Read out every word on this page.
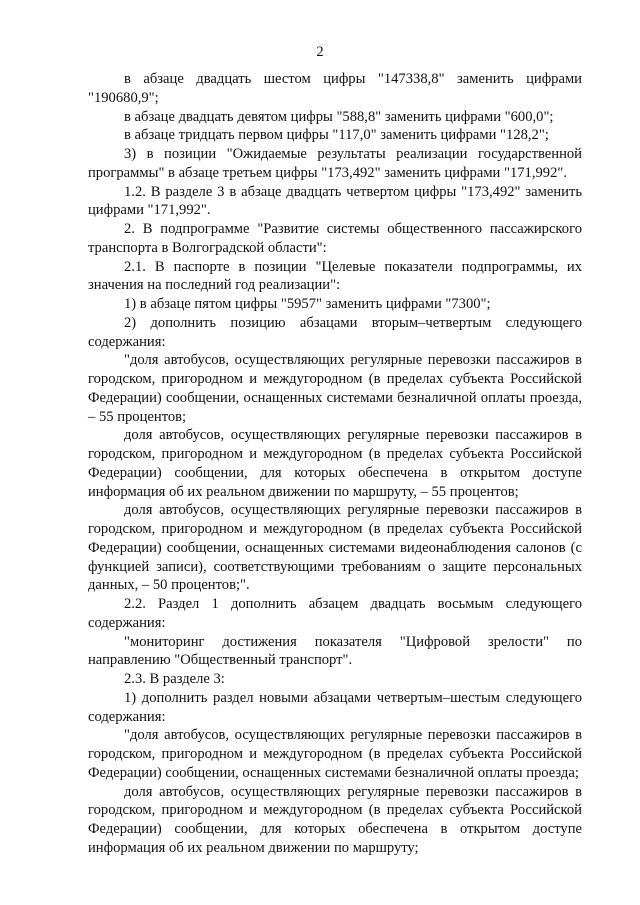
2

в абзаце двадцать шестом цифры "147338,8" заменить цифрами "190680,9";

в абзаце двадцать девятом цифры "588,8" заменить цифрами "600,0";

в абзаце тридцать первом цифры "117,0" заменить цифрами "128,2";

3) в позиции "Ожидаемые результаты реализации государственной программы" в абзаце третьем цифры "173,492" заменить цифрами "171,992".

1.2. В разделе 3 в абзаце двадцать четвертом цифры "173,492" заменить цифрами "171,992".

2. В подпрограмме "Развитие системы общественного пассажирского транспорта в Волгоградской области":

2.1. В паспорте в позиции "Целевые показатели подпрограммы, их значения на последний год реализации":

1) в абзаце пятом цифры "5957" заменить цифрами "7300";

2) дополнить позицию абзацами вторым–четвертым следующего содержания:

"доля автобусов, осуществляющих регулярные перевозки пассажиров в городском, пригородном и междугородном (в пределах субъекта Российской Федерации) сообщении, оснащенных системами безналичной оплаты проезда, – 55 процентов;

доля автобусов, осуществляющих регулярные перевозки пассажиров в городском, пригородном и междугородном (в пределах субъекта Российской Федерации) сообщении, для которых обеспечена в открытом доступе информация об их реальном движении по маршруту, – 55 процентов;

доля автобусов, осуществляющих регулярные перевозки пассажиров в городском, пригородном и междугородном (в пределах субъекта Российской Федерации) сообщении, оснащенных системами видеонаблюдения салонов (с функцией записи), соответствующими требованиям о защите персональных данных, – 50 процентов;".

2.2. Раздел 1 дополнить абзацем двадцать восьмым следующего содержания:

"мониторинг достижения показателя "Цифровой зрелости" по направлению "Общественный транспорт".

2.3. В разделе 3:

1) дополнить раздел новыми абзацами четвертым–шестым следующего содержания:

"доля автобусов, осуществляющих регулярные перевозки пассажиров в городском, пригородном и междугородном (в пределах субъекта Российской Федерации) сообщении, оснащенных системами безналичной оплаты проезда;

доля автобусов, осуществляющих регулярные перевозки пассажиров в городском, пригородном и междугородном (в пределах субъекта Российской Федерации) сообщении, для которых обеспечена в открытом доступе информация об их реальном движении по маршруту;
